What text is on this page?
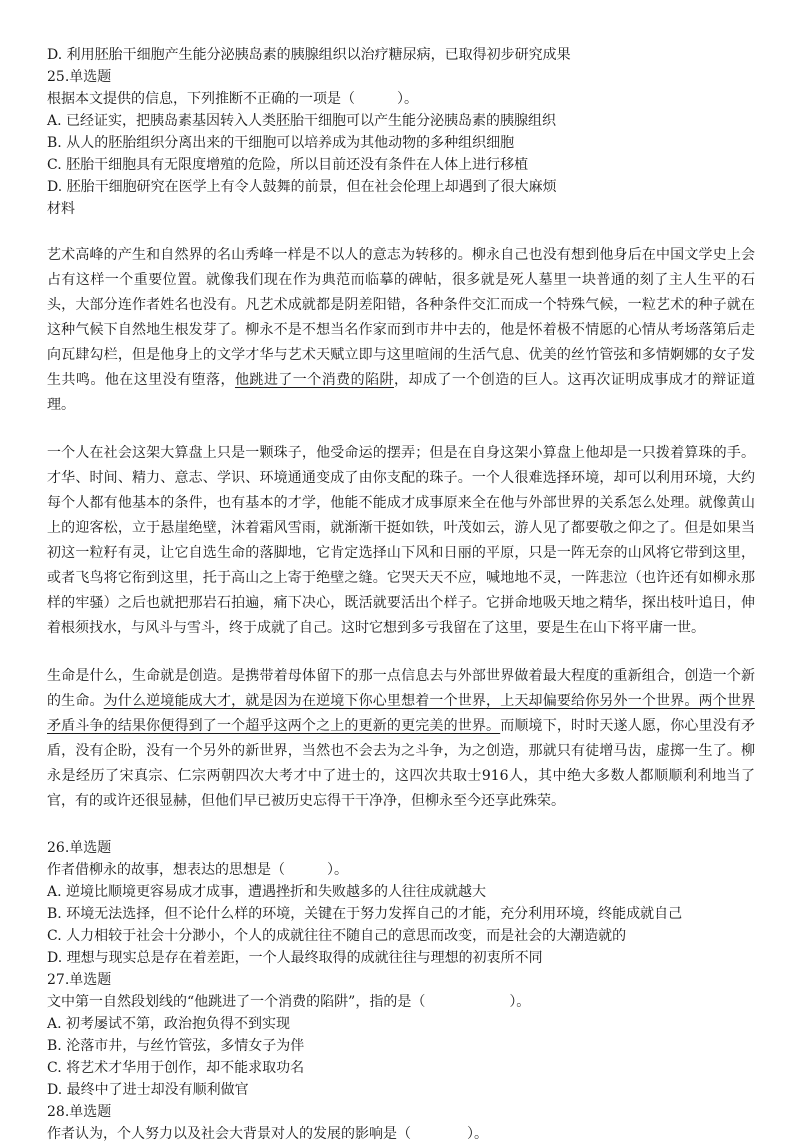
D. 利用胚胎干细胞产生能分泌胰岛素的胰腺组织以治疗糖尿病，已取得初步研究成果
25.单选题
根据本文提供的信息，下列推断不正确的一项是（　　　）。
A. 已经证实，把胰岛素基因转入人类胚胎干细胞可以产生能分泌胰岛素的胰腺组织
B. 从人的胚胎组织分离出来的干细胞可以培养成为其他动物的多种组织细胞
C. 胚胎干细胞具有无限度增殖的危险，所以目前还没有条件在人体上进行移植
D. 胚胎干细胞研究在医学上有令人鼓舞的前景，但在社会伦理上却遇到了很大麻烦
材料
艺术高峰的产生和自然界的名山秀峰一样是不以人的意志为转移的。柳永自己也没有想到他身后在中国文学史上会占有这样一个重要位置。就像我们现在作为典范而临摹的碑帖，很多就是死人墓里一块普通的刻了主人生平的石头，大部分连作者姓名也没有。凡艺术成就都是阴差阳错，各种条件交汇而成一个特殊气候，一粒艺术的种子就在这种气候下自然地生根发芽了。柳永不是不想当名作家而到市井中去的，他是怀着极不情愿的心情从考场落第后走向瓦肆勾栏，但是他身上的文学才华与艺术天赋立即与这里喧闹的生活气息、优美的丝竹管弦和多情婀娜的女子发生共鸣。他在这里没有堕落，他跳进了一个消费的陷阱，却成了一个创造的巨人。这再次证明成事成才的辩证道理。
一个人在社会这架大算盘上只是一颗珠子，他受命运的摆弄；但是在自身这架小算盘上他却是一只拨着算珠的手。才华、时间、精力、意志、学识、环境通通变成了由你支配的珠子。一个人很难选择环境，却可以利用环境，大约每个人都有他基本的条件，也有基本的才学，他能不能成才成事原来全在他与外部世界的关系怎么处理。就像黄山上的迎客松，立于悬崖绝壁，沐着霜风雪雨，就渐渐干挺如铁，叶茂如云，游人见了都要敬之仰之了。但是如果当初这一粒籽有灵，让它自选生命的落脚地，它肯定选择山下风和日丽的平原，只是一阵无奈的山风将它带到这里，或者飞鸟将它衔到这里，托于高山之上寄于绝壁之缝。它哭天天不应，喊地地不灵，一阵悲泣（也许还有如柳永那样的牢骚）之后也就把那岩石拍遍，痛下决心，既活就要活出个样子。它拼命地吸天地之精华，探出枝叶追日，伸着根须找水，与风斗与雪斗，终于成就了自己。这时它想到多亏我留在了这里，要是生在山下将平庸一世。
生命是什么，生命就是创造。是携带着母体留下的那一点信息去与外部世界做着最大程度的重新组合，创造一个新的生命。为什么逆境能成大才，就是因为在逆境下你心里想着一个世界，上天却偏要给你另外一个世界。两个世界矛盾斗争的结果你便得到了一个超乎这两个之上的更新的更完美的世界。而顺境下，时时天遂人愿，你心里没有矛盾，没有企盼，没有一个另外的新世界，当然也不会去为之斗争，为之创造，那就只有徒增马齿，虚掷一生了。柳永是经历了宋真宗、仁宗两朝四次大考才中了进士的，这四次共取士916人，其中绝大多数人都顺顺利利地当了官，有的或许还很显赫，但他们早已被历史忘得干干净净，但柳永至今还享此殊荣。
26.单选题
作者借柳永的故事，想表达的思想是（　　　）。
A. 逆境比顺境更容易成才成事，遭遇挫折和失败越多的人往往成就越大
B. 环境无法选择，但不论什么样的环境，关键在于努力发挥自己的才能，充分利用环境，终能成就自己
C. 人力相较于社会十分渺小，个人的成就往往不随自己的意思而改变，而是社会的大潮造就的
D. 理想与现实总是存在着差距，一个人最终取得的成就往往与理想的初衷所不同
27.单选题
文中第一自然段划线的“他跳进了一个消费的陷阱”，指的是（　　　　　　）。
A. 初考屡试不第，政治抱负得不到实现
B. 沦落市井，与丝竹管弦，多情女子为伴
C. 将艺术才华用于创作，却不能求取功名
D. 最终中了进士却没有顺利做官
28.单选题
作者认为，个人努力以及社会大背景对人的发展的影响是（　　　　）。
